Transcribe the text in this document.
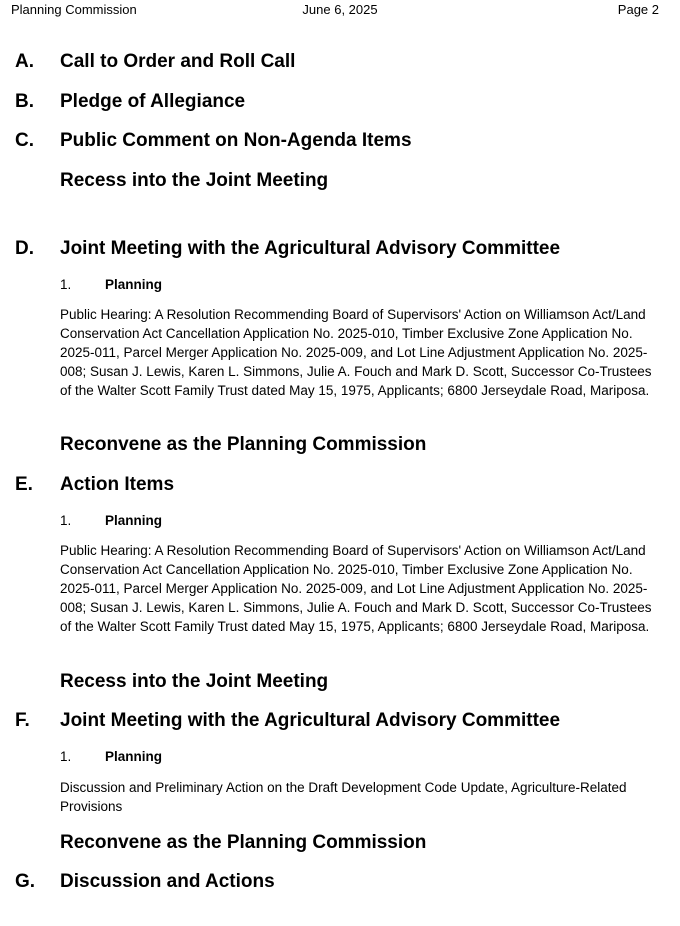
Planning Commission	June 6, 2025	Page 2
A. Call to Order and Roll Call
B. Pledge of Allegiance
C. Public Comment on Non-Agenda Items
Recess into the Joint Meeting
D. Joint Meeting with the Agricultural Advisory Committee
1. Planning
Public Hearing: A Resolution Recommending Board of Supervisors' Action on Williamson Act/Land Conservation Act Cancellation Application No. 2025-010, Timber Exclusive Zone Application No. 2025-011, Parcel Merger Application No. 2025-009, and Lot Line Adjustment Application No. 2025-008; Susan J. Lewis, Karen L. Simmons, Julie A. Fouch and Mark D. Scott, Successor Co-Trustees of the Walter Scott Family Trust dated May 15, 1975, Applicants; 6800 Jerseydale Road, Mariposa.
Reconvene as the Planning Commission
E. Action Items
1. Planning
Public Hearing: A Resolution Recommending Board of Supervisors' Action on Williamson Act/Land Conservation Act Cancellation Application No. 2025-010, Timber Exclusive Zone Application No. 2025-011, Parcel Merger Application No. 2025-009, and Lot Line Adjustment Application No. 2025-008; Susan J. Lewis, Karen L. Simmons, Julie A. Fouch and Mark D. Scott, Successor Co-Trustees of the Walter Scott Family Trust dated May 15, 1975, Applicants; 6800 Jerseydale Road, Mariposa.
Recess into the Joint Meeting
F. Joint Meeting with the Agricultural Advisory Committee
1. Planning
Discussion and Preliminary Action on the Draft Development Code Update, Agriculture-Related Provisions
Reconvene as the Planning Commission
G. Discussion and Actions
